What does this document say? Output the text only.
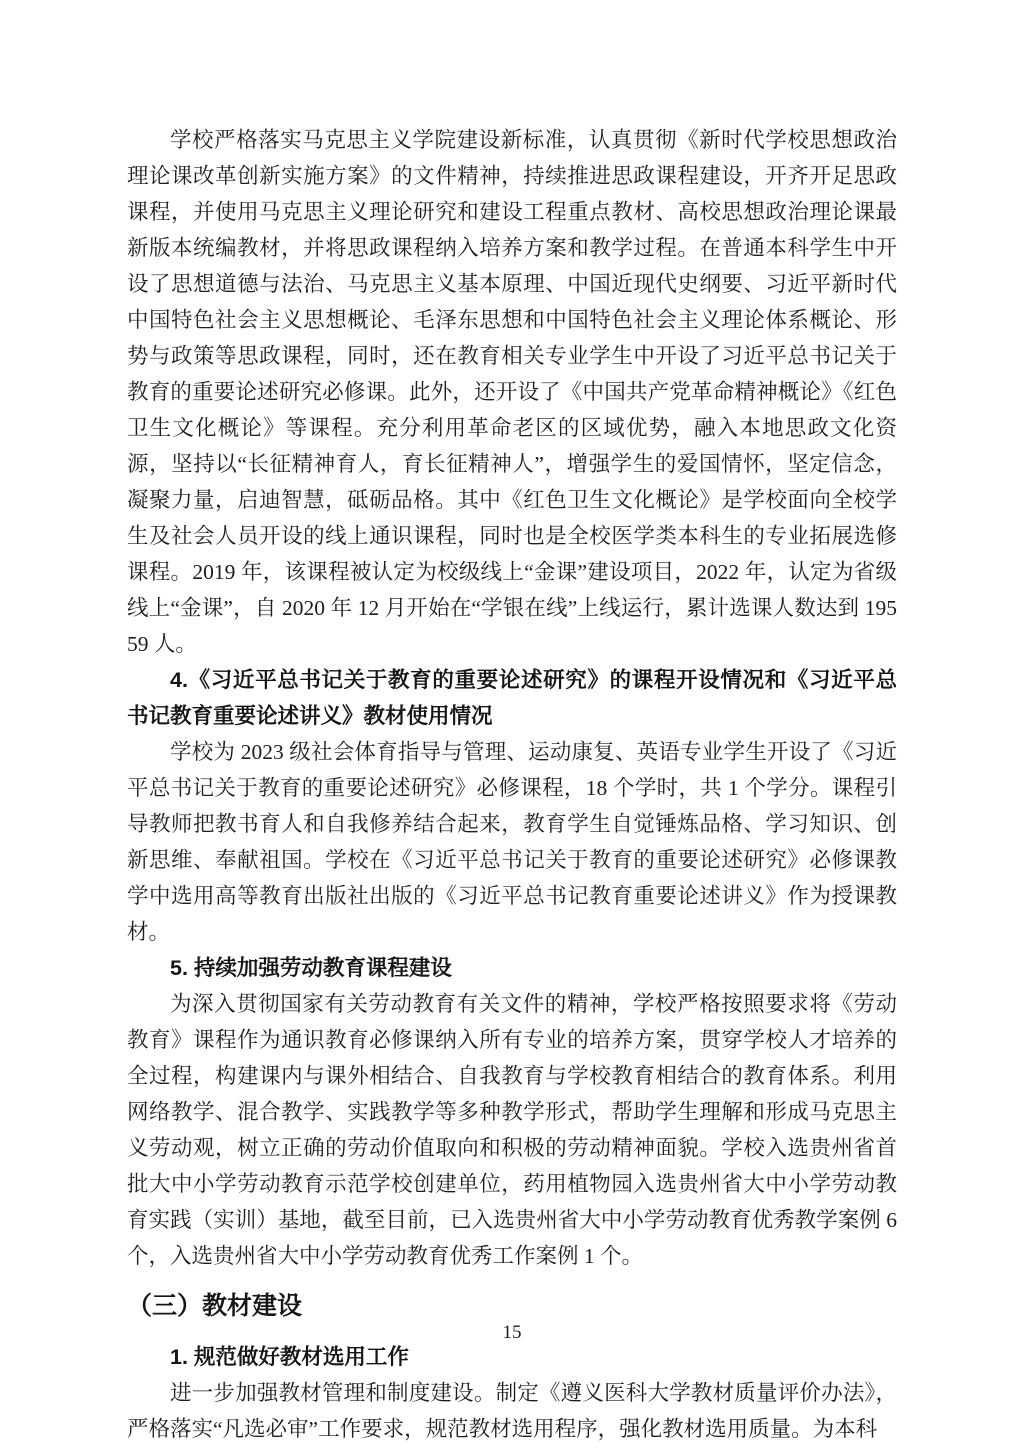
学校严格落实马克思主义学院建设新标准，认真贯彻《新时代学校思想政治理论课改革创新实施方案》的文件精神，持续推进思政课程建设，开齐开足思政课程，并使用马克思主义理论研究和建设工程重点教材、高校思想政治理论课最新版本统编教材，并将思政课程纳入培养方案和教学过程。在普通本科学生中开设了思想道德与法治、马克思主义基本原理、中国近现代史纲要、习近平新时代中国特色社会主义思想概论、毛泽东思想和中国特色社会主义理论体系概论、形势与政策等思政课程，同时，还在教育相关专业学生中开设了习近平总书记关于教育的重要论述研究必修课。此外，还开设了《中国共产党革命精神概论》《红色卫生文化概论》等课程。充分利用革命老区的区域优势，融入本地思政文化资源，坚持以“长征精神育人，育长征精神人”，增强学生的爱国情怀，坚定信念，凝聚力量，启迪智慧，砥砺品格。其中《红色卫生文化概论》是学校面向全校学生及社会人员开设的线上通识课程，同时也是全校医学类本科生的专业拓展选修课程。2019 年，该课程被认定为校级线上“金课”建设项目，2022 年，认定为省级线上“金课”，自 2020 年 12 月开始在“学银在线”上线运行，累计选课人数达到 19559 人。

4.《习近平总书记关于教育的重要论述研究》的课程开设情况和《习近平总书记教育重要论述讲义》教材使用情况

学校为 2023 级社会体育指导与管理、运动康复、英语专业学生开设了《习近平总书记关于教育的重要论述研究》必修课程，18 个学时，共 1 个学分。课程引导教师把教书育人和自我修养结合起来，教育学生自觉锤炼品格、学习知识、创新思维、奉献祖国。学校在《习近平总书记关于教育的重要论述研究》必修课教学中选用高等教育出版社出版的《习近平总书记教育重要论述讲义》作为授课教材。

5. 持续加强劳动教育课程建设

为深入贯彻国家有关劳动教育有关文件的精神，学校严格按照要求将《劳动教育》课程作为通识教育必修课纳入所有专业的培养方案，贯穿学校人才培养的全过程，构建课内与课外相结合、自我教育与学校教育相结合的教育体系。利用网络教学、混合教学、实践教学等多种教学形式，帮助学生理解和形成马克思主义劳动观，树立正确的劳动价值取向和积极的劳动精神面貌。学校入选贵州省首批大中小学劳动教育示范学校创建单位，药用植物园入选贵州省大中小学劳动教育实践（实训）基地，截至目前，已入选贵州省大中小学劳动教育优秀教学案例 6 个，入选贵州省大中小学劳动教育优秀工作案例 1 个。

（三）教材建设

1. 规范做好教材选用工作

进一步加强教材管理和制度建设。制定《遵义医科大学教材质量评价办法》，严格落实“凡选必审”工作要求，规范教材选用程序，强化教材选用质量。为本科

15
